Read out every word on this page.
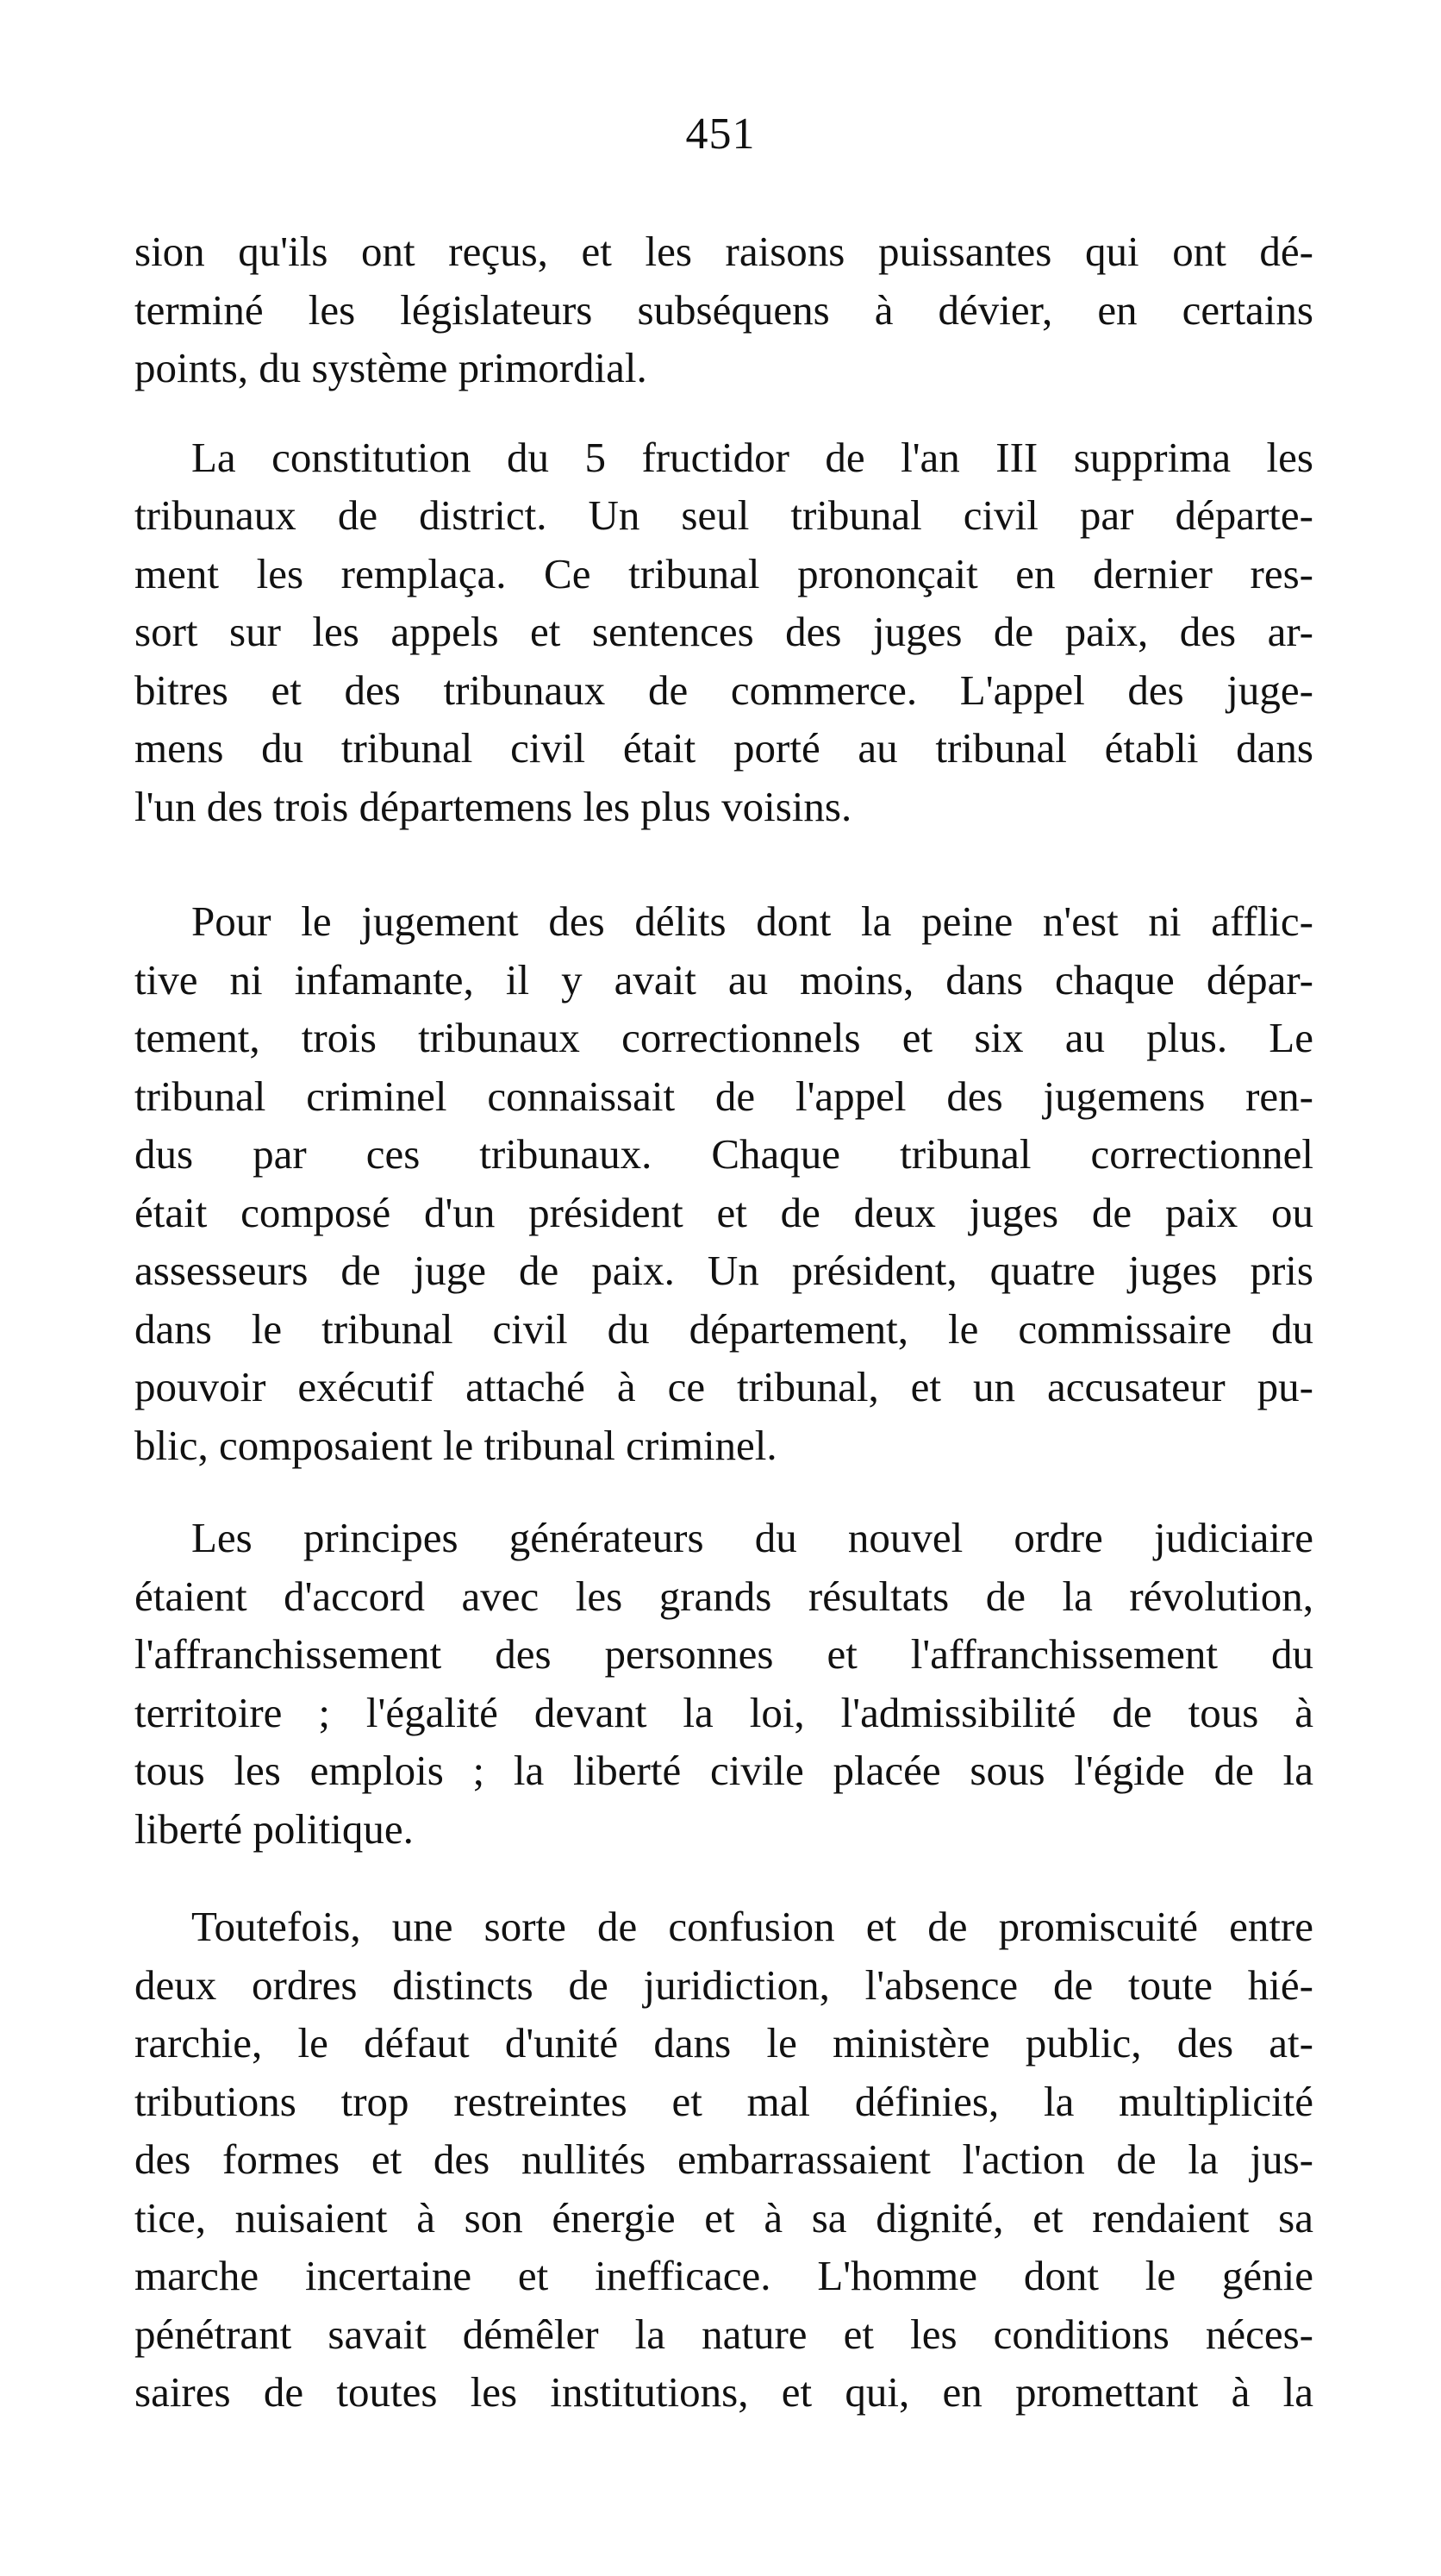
451

sion qu'ils ont reçus, et les raisons puissantes qui ont dé-
terminé les législateurs subséquens à dévier, en certains
points, du système primordial.

La constitution du 5 fructidor de l'an III supprima les
tribunaux de district. Un seul tribunal civil par départe-
ment les remplaça. Ce tribunal prononçait en dernier res-
sort sur les appels et sentences des juges de paix, des ar-
bitres et des tribunaux de commerce. L'appel des juge-
mens du tribunal civil était porté au tribunal établi dans
l'un des trois départemens les plus voisins.

Pour le jugement des délits dont la peine n'est ni afflic-
tive ni infamante, il y avait au moins, dans chaque dépar-
tement, trois tribunaux correctionnels et six au plus. Le
tribunal criminel connaissait de l'appel des jugemens ren-
dus par ces tribunaux. Chaque tribunal correctionnel
était composé d'un président et de deux juges de paix ou
assesseurs de juge de paix. Un président, quatre juges pris
dans le tribunal civil du département, le commissaire du
pouvoir exécutif attaché à ce tribunal, et un accusateur pu-
blic, composaient le tribunal criminel.

Les principes générateurs du nouvel ordre judiciaire
étaient d'accord avec les grands résultats de la révolution,
l'affranchissement des personnes et l'affranchissement du
territoire ; l'égalité devant la loi, l'admissibilité de tous à
tous les emplois ; la liberté civile placée sous l'égide de la
liberté politique.

Toutefois, une sorte de confusion et de promiscuité entre
deux ordres distincts de juridiction, l'absence de toute hié-
rarchie, le défaut d'unité dans le ministère public, des at-
tributions trop restreintes et mal définies, la multiplicité
des formes et des nullités embarrassaient l'action de la jus-
tice, nuisaient à son énergie et à sa dignité, et rendaient sa
marche incertaine et inefficace. L'homme dont le génie
pénétrant savait démêler la nature et les conditions néces-
saires de toutes les institutions, et qui, en promettant à la
